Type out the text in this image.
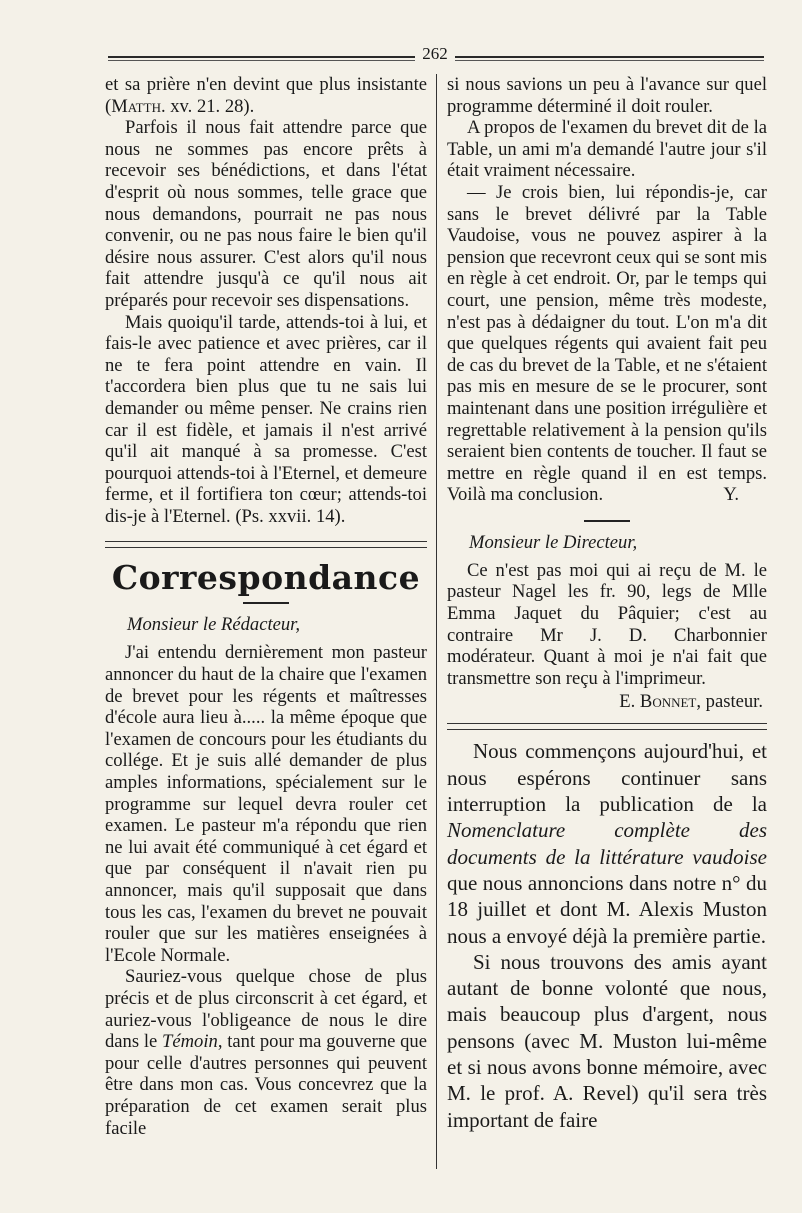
262

et sa prière n'en devint que plus insistante (Matth. xv. 21. 28).

Parfois il nous fait attendre parce que nous ne sommes pas encore prêts à recevoir ses bénédictions, et dans l'état d'esprit où nous sommes, telle grace que nous demandons, pourrait ne pas nous convenir, ou ne pas nous faire le bien qu'il désire nous assurer. C'est alors qu'il nous fait attendre jusqu'à ce qu'il nous ait préparés pour recevoir ses dispensations.

Mais quoiqu'il tarde, attends-toi à lui, et fais-le avec patience et avec prières, car il ne te fera point attendre en vain. Il t'accordera bien plus que tu ne sais lui demander ou même penser. Ne crains rien car il est fidèle, et jamais il n'est arrivé qu'il ait manqué à sa promesse. C'est pourquoi attends-toi à l'Eternel, et demeure ferme, et il fortifiera ton cœur; attends-toi dis-je à l'Eternel. (Ps. xxvii. 14).

Correspondance
Monsieur le Rédacteur,

J'ai entendu dernièrement mon pasteur annoncer du haut de la chaire que l'examen de brevet pour les régents et maîtresses d'école aura lieu à..... la même époque que l'examen de concours pour les étudiants du collége. Et je suis allé demander de plus amples informations, spécialement sur le programme sur lequel devra rouler cet examen. Le pasteur m'a répondu que rien ne lui avait été communiqué à cet égard et que par conséquent il n'avait rien pu annoncer, mais qu'il supposait que dans tous les cas, l'examen du brevet ne pouvait rouler que sur les matières enseignées à l'Ecole Normale.

Sauriez-vous quelque chose de plus précis et de plus circonscrit à cet égard, et auriez-vous l'obligeance de nous le dire dans le Témoin, tant pour ma gouverne que pour celle d'autres personnes qui peuvent être dans mon cas. Vous concevrez que la préparation de cet examen serait plus facile

si nous savions un peu à l'avance sur quel programme déterminé il doit rouler.

A propos de l'examen du brevet dit de la Table, un ami m'a demandé l'autre jour s'il était vraiment nécessaire.

— Je crois bien, lui répondis-je, car sans le brevet délivré par la Table Vaudoise, vous ne pouvez aspirer à la pension que recevront ceux qui se sont mis en règle à cet endroit. Or, par le temps qui court, une pension, même très modeste, n'est pas à dédaigner du tout. L'on m'a dit que quelques régents qui avaient fait peu de cas du brevet de la Table, et ne s'étaient pas mis en mesure de se le procurer, sont maintenant dans une position irrégulière et regrettable relativement à la pension qu'ils seraient bien contents de toucher. Il faut se mettre en règle quand il en est temps. Voilà ma conclusion.	Y.
Monsieur le Directeur,

Ce n'est pas moi qui ai reçu de M. le pasteur Nagel les fr. 90, legs de Mlle Emma Jaquet du Pâquier; c'est au contraire Mr J. D. Charbonnier modérateur. Quant à moi je n'ai fait que transmettre son reçu à l'imprimeur.

E. Bonnet, pasteur.

Nous commençons aujourd'hui, et nous espérons continuer sans interruption la publication de la Nomenclature complète des documents de la littérature vaudoise que nous annoncions dans notre n° du 18 juillet et dont M. Alexis Muston nous a envoyé déjà la première partie.

Si nous trouvons des amis ayant autant de bonne volonté que nous, mais beaucoup plus d'argent, nous pensons (avec M. Muston lui-même et si nous avons bonne mémoire, avec M. le prof. A. Revel) qu'il sera très important de faire
